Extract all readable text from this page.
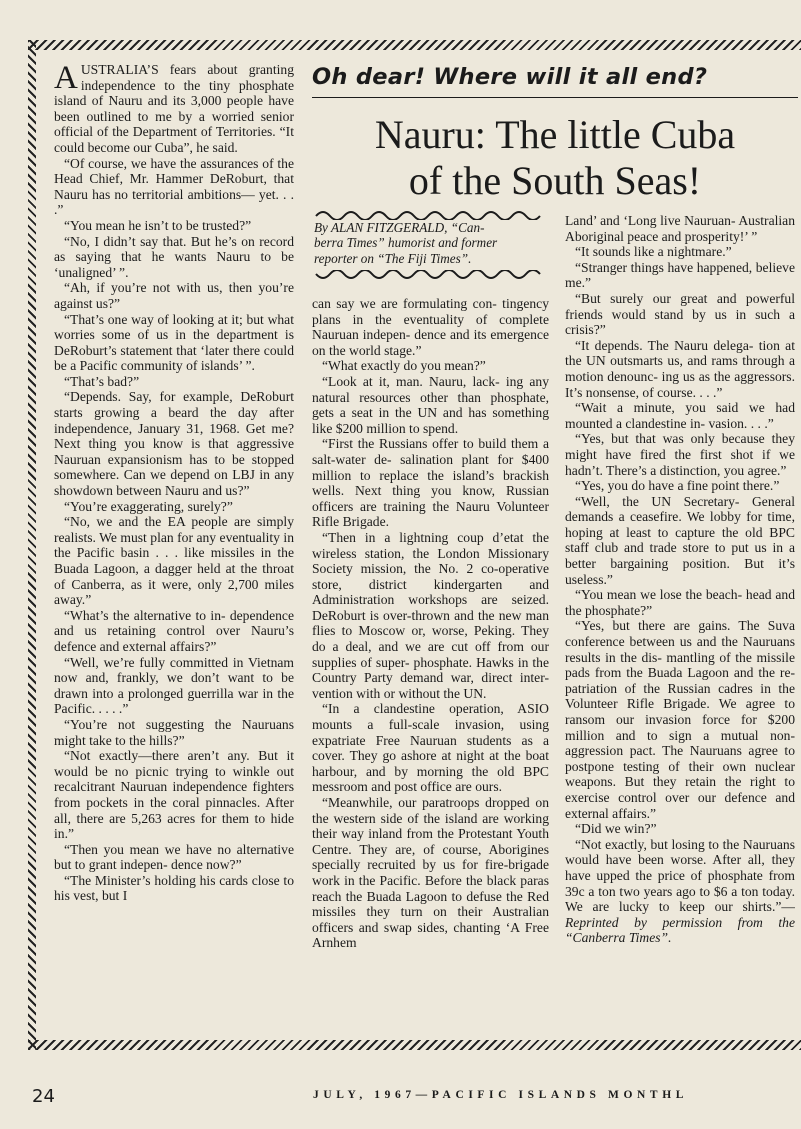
AUSTRALIA’S fears about granting independence to the tiny phosphate island of Nauru and its 3,000 people have been outlined to me by a worried senior official of the Department of Territories. “It could become our Cuba”, he said.

“Of course, we have the assurances of the Head Chief, Mr. Hammer DeRoburt, that Nauru has no territorial ambitions— yet. . . .”

“You mean he isn’t to be trusted?”

“No, I didn’t say that. But he’s on record as saying that he wants Nauru to be ‘unaligned’ ”.

“Ah, if you’re not with us, then you’re against us?”

“That’s one way of looking at it; but what worries some of us in the department is DeRoburt’s statement that ‘later there could be a Pacific community of islands’ ”.

“That’s bad?”

“Depends. Say, for example, DeRoburt starts growing a beard the day after independence, January 31, 1968. Get me? Next thing you know is that aggressive Nauruan expansionism has to be stopped somewhere. Can we depend on LBJ in any showdown between Nauru and us?”

“You’re exaggerating, surely?”

“No, we and the EA people are simply realists. We must plan for any eventuality in the Pacific basin . . . like missiles in the Buada Lagoon, a dagger held at the throat of Canberra, as it were, only 2,700 miles away.”

“What’s the alternative to in- dependence and us retaining control over Nauru’s defence and external affairs?”

“Well, we’re fully committed in Vietnam now and, frankly, we don’t want to be drawn into a prolonged guerrilla war in the Pacific. . . . .”

“You’re not suggesting the Nauruans might take to the hills?”

“Not exactly—there aren’t any. But it would be no picnic trying to winkle out recalcitrant Nauruan independence fighters from pockets in the coral pinnacles. After all, there are 5,263 acres for them to hide in.”

“Then you mean we have no alternative but to grant indepen- dence now?”

“The Minister’s holding his cards close to his vest, but I

Oh dear! Where will it all end?
Nauru: The little Cuba
of the South Seas!
By ALAN FITZGERALD, “Can-
berra Times” humorist and former reporter on “The Fiji Times”.

can say we are formulating con- tingency plans in the eventuality of complete Nauruan indepen- dence and its emergence on the world stage.”

“What exactly do you mean?”

“Look at it, man. Nauru, lack- ing any natural resources other than phosphate, gets a seat in the UN and has something like $200 million to spend.

“First the Russians offer to build them a salt-water de- salination plant for $400 million to replace the island’s brackish wells. Next thing you know, Russian officers are training the Nauru Volunteer Rifle Brigade.

“Then in a lightning coup d’etat the wireless station, the London Missionary Society mission, the No. 2 co-operative store, district kindergarten and Administration workshops are seized. DeRoburt is over-thrown and the new man flies to Moscow or, worse, Peking. They do a deal, and we are cut off from our supplies of super- phosphate. Hawks in the Country Party demand war, direct inter- vention with or without the UN.

“In a clandestine operation, ASIO mounts a full-scale invasion, using expatriate Free Nauruan students as a cover. They go ashore at night at the boat harbour, and by morning the old BPC messroom and post office are ours.

“Meanwhile, our paratroops dropped on the western side of the island are working their way inland from the Protestant Youth Centre. They are, of course, Aborigines specially recruited by us for fire-brigade work in the Pacific. Before the black paras reach the Buada Lagoon to defuse the Red missiles they turn on their Australian officers and swap sides, chanting ‘A Free Arnhem

Land’ and ‘Long live Nauruan- Australian Aboriginal peace and prosperity!’ ”

“It sounds like a nightmare.”

“Stranger things have happened, believe me.”

“But surely our great and powerful friends would stand by us in such a crisis?”

“It depends. The Nauru delega- tion at the UN outsmarts us, and rams through a motion denounc- ing us as the aggressors. It’s nonsense, of course. . . .”

“Wait a minute, you said we had mounted a clandestine in- vasion. . . .”

“Yes, but that was only because they might have fired the first shot if we hadn’t. There’s a distinction, you agree.”

“Yes, you do have a fine point there.”

“Well, the UN Secretary- General demands a ceasefire. We lobby for time, hoping at least to capture the old BPC staff club and trade store to put us in a better bargaining position. But it’s useless.”

“You mean we lose the beach- head and the phosphate?”

“Yes, but there are gains. The Suva conference between us and the Nauruans results in the dis- mantling of the missile pads from the Buada Lagoon and the re- patriation of the Russian cadres in the Volunteer Rifle Brigade. We agree to ransom our invasion force for $200 million and to sign a mutual non-aggression pact. The Nauruans agree to postpone testing of their own nuclear weapons. But they retain the right to exercise control over our defence and external affairs.”

“Did we win?”

“Not exactly, but losing to the Nauruans would have been worse. After all, they have upped the price of phosphate from 39c a ton two years ago to $6 a ton today. We are lucky to keep our shirts.”—Reprinted by permission from the “Canberra Times”.

24	JULY, 1967—PACIFIC ISLANDS MONTHL
